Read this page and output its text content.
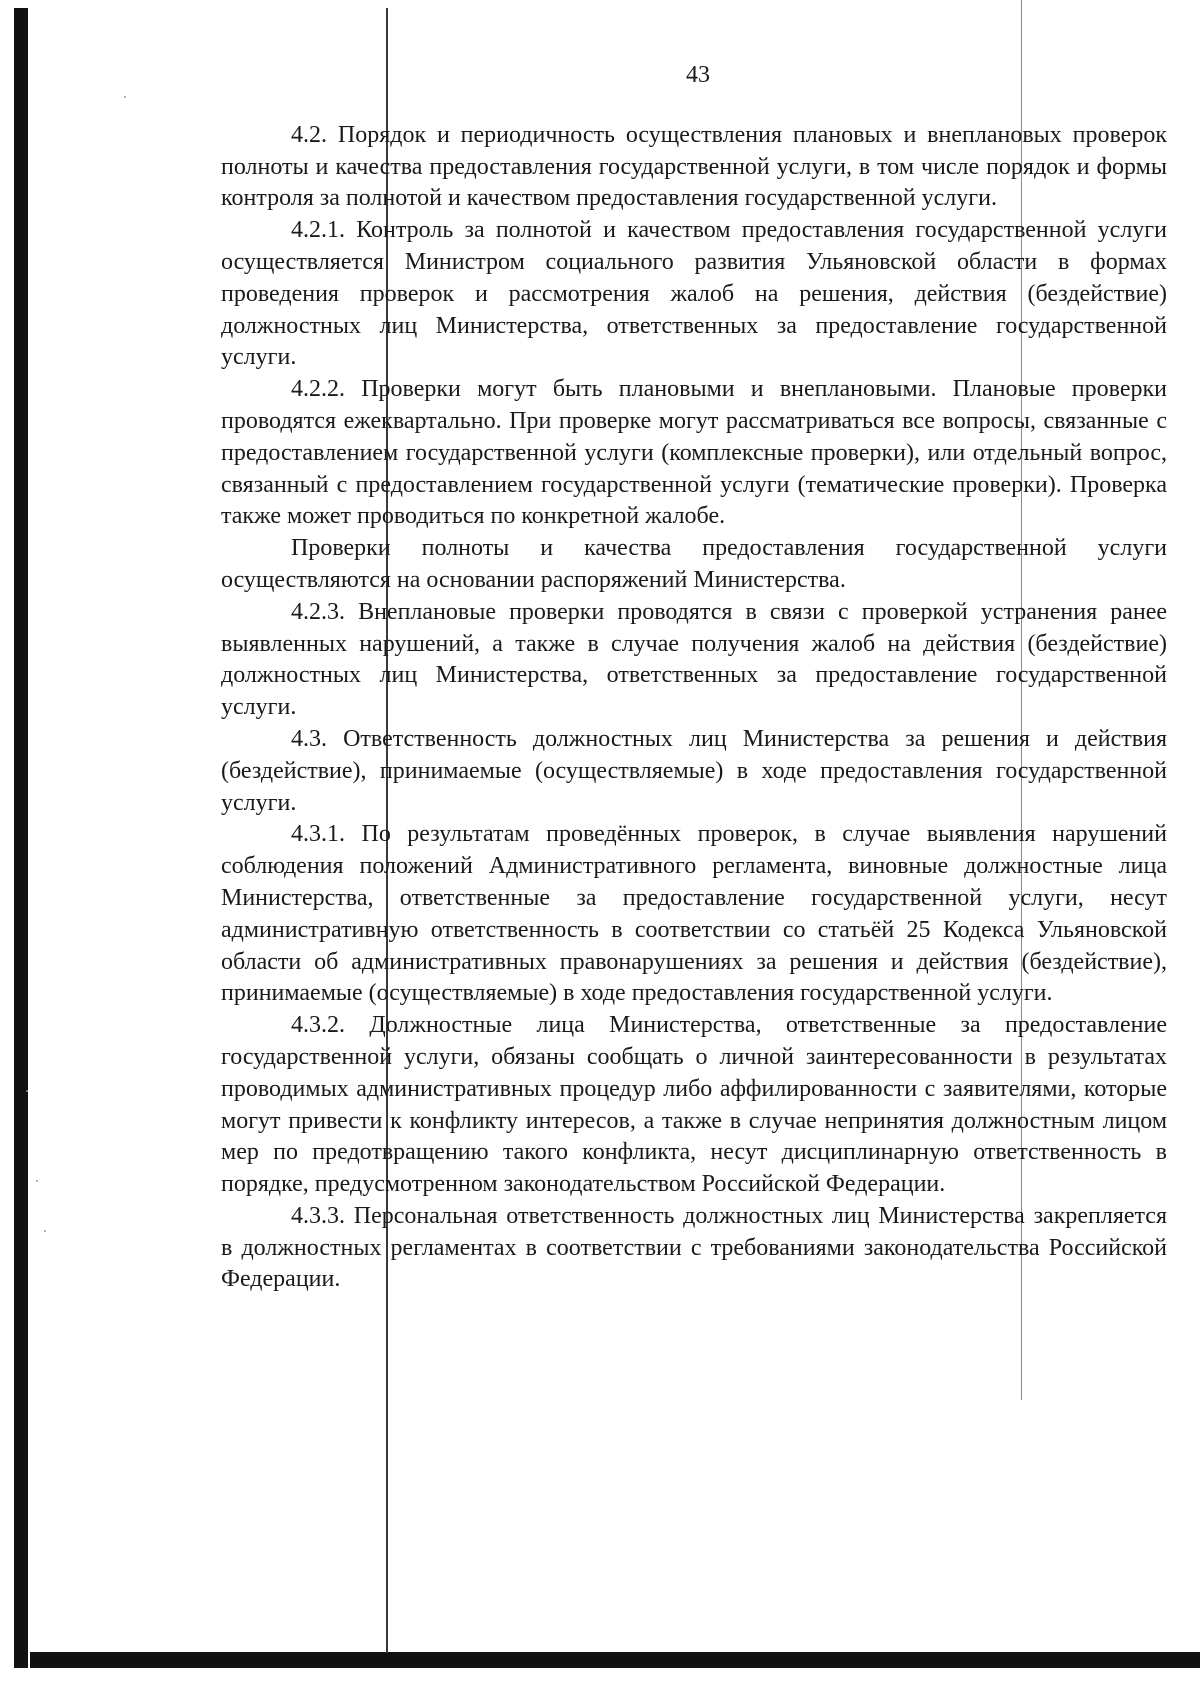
43

4.2. Порядок и периодичность осуществления плановых и внеплановых проверок полноты и качества предоставления государственной услуги, в том числе порядок и формы контроля за полнотой и качеством предоставления государственной услуги.

4.2.1. Контроль за полнотой и качеством предоставления государственной услуги осуществляется Министром социального развития Ульяновской области в формах проведения проверок и рассмотрения жалоб на решения, действия (бездействие) должностных лиц Министерства, ответственных за предоставление государственной услуги.

4.2.2. Проверки могут быть плановыми и внеплановыми. Плановые проверки проводятся ежеквартально. При проверке могут рассматриваться все вопросы, связанные с предоставлением государственной услуги (комплексные проверки), или отдельный вопрос, связанный с предоставлением государственной услуги (тематические проверки). Проверка также может проводиться по конкретной жалобе.

Проверки полноты и качества предоставления государственной услуги осуществляются на основании распоряжений Министерства.

4.2.3. Внеплановые проверки проводятся в связи с проверкой устранения ранее выявленных нарушений, а также в случае получения жалоб на действия (бездействие) должностных лиц Министерства, ответственных за предоставление государственной услуги.

4.3. Ответственность должностных лиц Министерства за решения и действия (бездействие), принимаемые (осуществляемые) в ходе предоставления государственной услуги.

4.3.1. По результатам проведённых проверок, в случае выявления нарушений соблюдения положений Административного регламента, виновные должностные лица Министерства, ответственные за предоставление государственной услуги, несут административную ответственность в соответствии со статьёй 25 Кодекса Ульяновской области об административных правонарушениях за решения и действия (бездействие), принимаемые (осуществляемые) в ходе предоставления государственной услуги.

4.3.2. Должностные лица Министерства, ответственные за предоставление государственной услуги, обязаны сообщать о личной заинтересованности в результатах проводимых административных процедур либо аффилированности с заявителями, которые могут привести к конфликту интересов, а также в случае непринятия должностным лицом мер по предотвращению такого конфликта, несут дисциплинарную ответственность в порядке, предусмотренном законодательством Российской Федерации.

4.3.3. Персональная ответственность должностных лиц Министерства закрепляется в должностных регламентах в соответствии с требованиями законодательства Российской Федерации.
